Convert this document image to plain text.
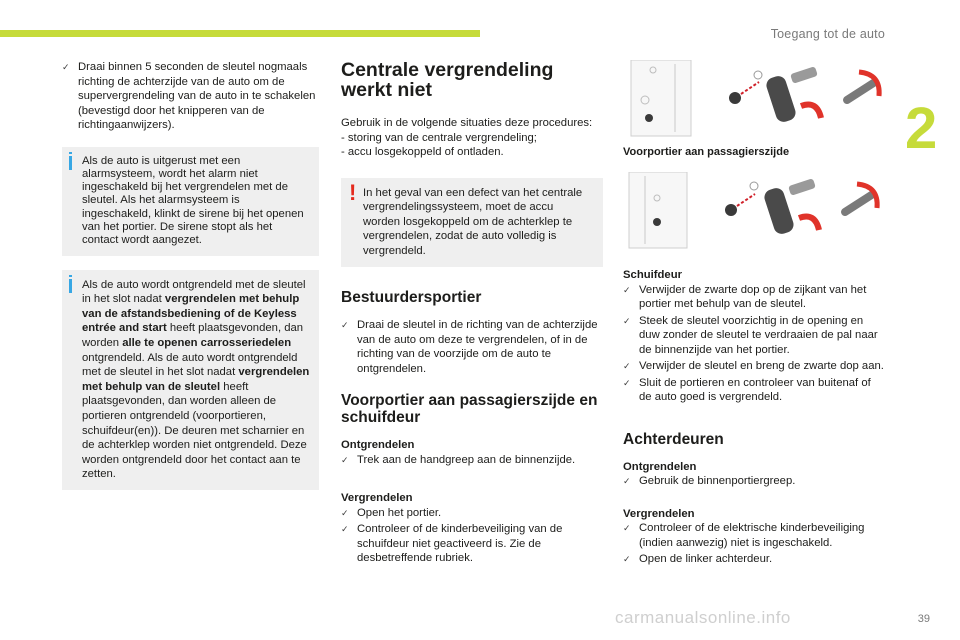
Toegang tot de auto
2
✓ Draai binnen 5 seconden de sleutel nogmaals richting de achterzijde van de auto om de supervergrendeling van de auto in te schakelen (bevestigd door het knipperen van de richtingaanwijzers).
Als de auto is uitgerust met een alarmsysteem, wordt het alarm niet ingeschakeld bij het vergrendelen met de sleutel. Als het alarmsysteem is ingeschakeld, klinkt de sirene bij het openen van het portier. De sirene stopt als het contact wordt aangezet.
Als de auto wordt ontgrendeld met de sleutel in het slot nadat vergrendelen met behulp van de afstandsbediening of de Keyless entrée and start heeft plaatsgevonden, dan worden alle te openen carrosseriedelen ontgrendeld. Als de auto wordt ontgrendeld met de sleutel in het slot nadat vergrendelen met behulp van de sleutel heeft plaatsgevonden, dan worden alleen de portieren ontgrendeld (voorportieren, schuifdeur(en)). De deuren met scharnier en de achterklep worden niet ontgrendeld. Deze worden ontgrendeld door het contact aan te zetten.
Centrale vergrendeling werkt niet

Gebruik in de volgende situaties deze procedures:

- storing van de centrale vergrendeling;

- accu losgekoppeld of ontladen.

! In het geval van een defect van het centrale vergrendelingssysteem, moet de accu worden losgekoppeld om de achterklep te vergrendelen, zodat de auto volledig is vergrendeld.
Bestuurdersportier
✓ Draai de sleutel in de richting van de achterzijde van de auto om deze te vergrendelen, of in de richting van de voorzijde om de auto te ontgrendelen.
Voorportier aan passagierszijde en schuifdeur
Ontgrendelen
✓ Trek aan de handgreep aan de binnenzijde.
Vergrendelen
✓ Open het portier.
✓ Controleer of de kinderbeveiliging van de schuifdeur niet geactiveerd is. Zie de desbetreffende rubriek.
Voorportier aan passagierszijde
Schuifdeur
✓ Verwijder de zwarte dop op de zijkant van het portier met behulp van de sleutel.
✓ Steek de sleutel voorzichtig in de opening en duw zonder de sleutel te verdraaien de pal naar de binnenzijde van het portier.
✓ Verwijder de sleutel en breng de zwarte dop aan.
✓ Sluit de portieren en controleer van buitenaf of de auto goed is vergrendeld.
Achterdeuren
Ontgrendelen
✓ Gebruik de binnenportiergreep.
Vergrendelen
✓ Controleer of de elektrische kinderbeveiliging (indien aanwezig) niet is ingeschakeld.
✓ Open de linker achterdeur.
carmanualsonline.info	39
